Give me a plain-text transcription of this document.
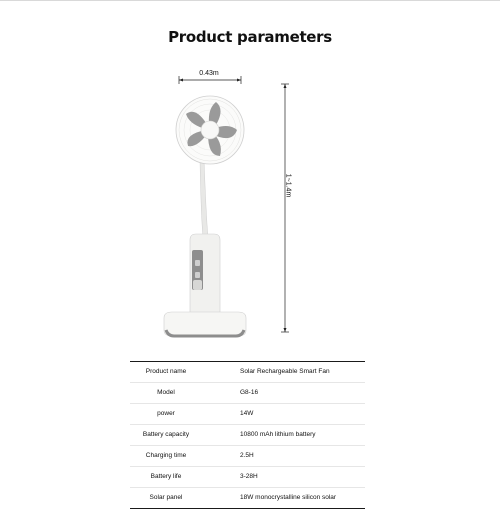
Product parameters
0.43m
1~1.4m
Product name	Solar Rechargeable Smart Fan
Model	G8-16
power	14W
Battery capacity	10800 mAh lithium battery
Charging time	2.5H
Battery life	3-28H
Solar panel	18W monocrystalline silicon solar
